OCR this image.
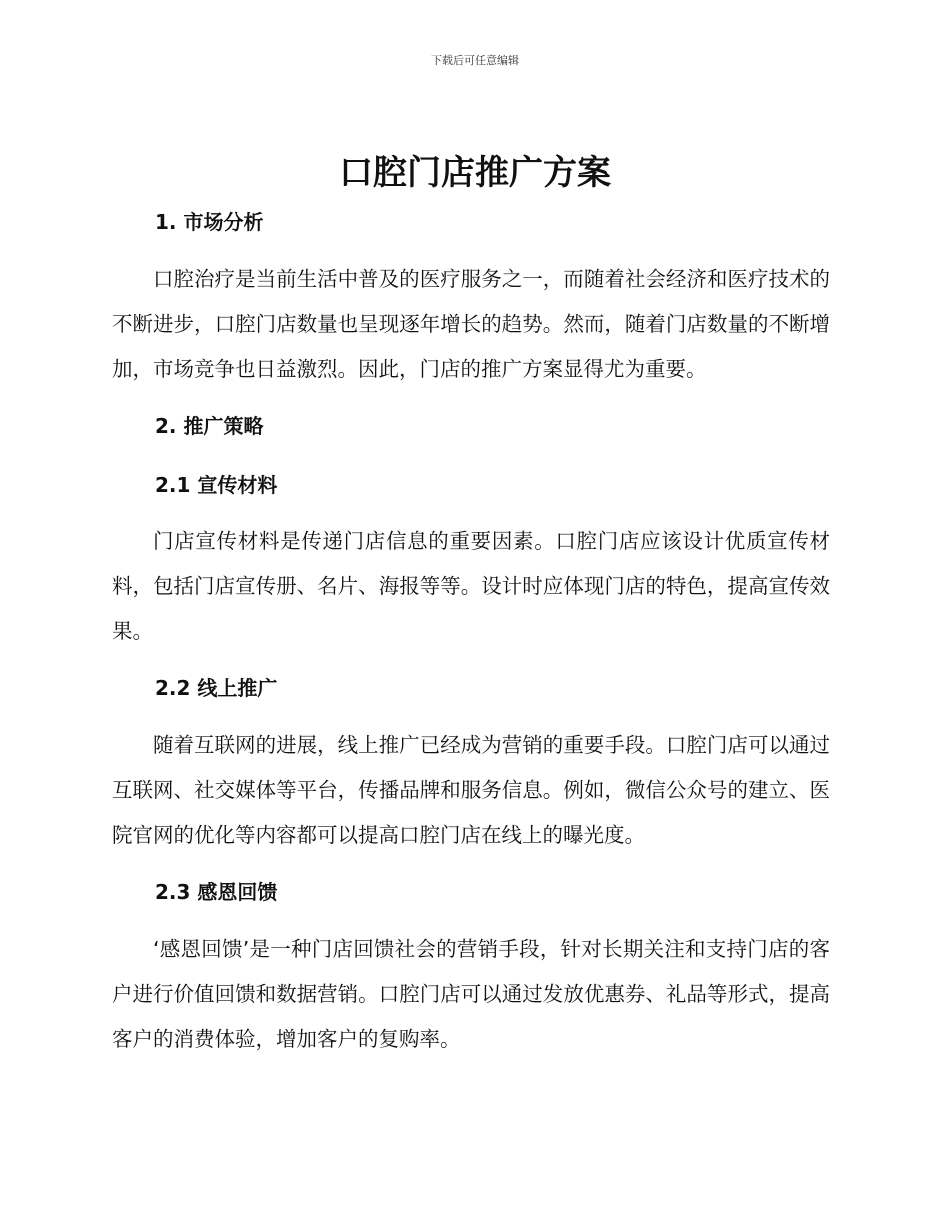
下载后可任意编辑
口腔门店推广方案
1. 市场分析

口腔治疗是当前生活中普及的医疗服务之一，而随着社会经济和医疗技术的不断进步，口腔门店数量也呈现逐年增长的趋势。然而，随着门店数量的不断增加，市场竞争也日益激烈。因此，门店的推广方案显得尤为重要。

2. 推广策略
2.1 宣传材料

门店宣传材料是传递门店信息的重要因素。口腔门店应该设计优质宣传材料，包括门店宣传册、名片、海报等等。设计时应体现门店的特色，提高宣传效果。

2.2 线上推广

随着互联网的进展，线上推广已经成为营销的重要手段。口腔门店可以通过互联网、社交媒体等平台，传播品牌和服务信息。例如，微信公众号的建立、医院官网的优化等内容都可以提高口腔门店在线上的曝光度。

2.3 感恩回馈

‘感恩回馈’是一种门店回馈社会的营销手段，针对长期关注和支持门店的客户进行价值回馈和数据营销。口腔门店可以通过发放优惠券、礼品等形式，提高客户的消费体验，增加客户的复购率。
